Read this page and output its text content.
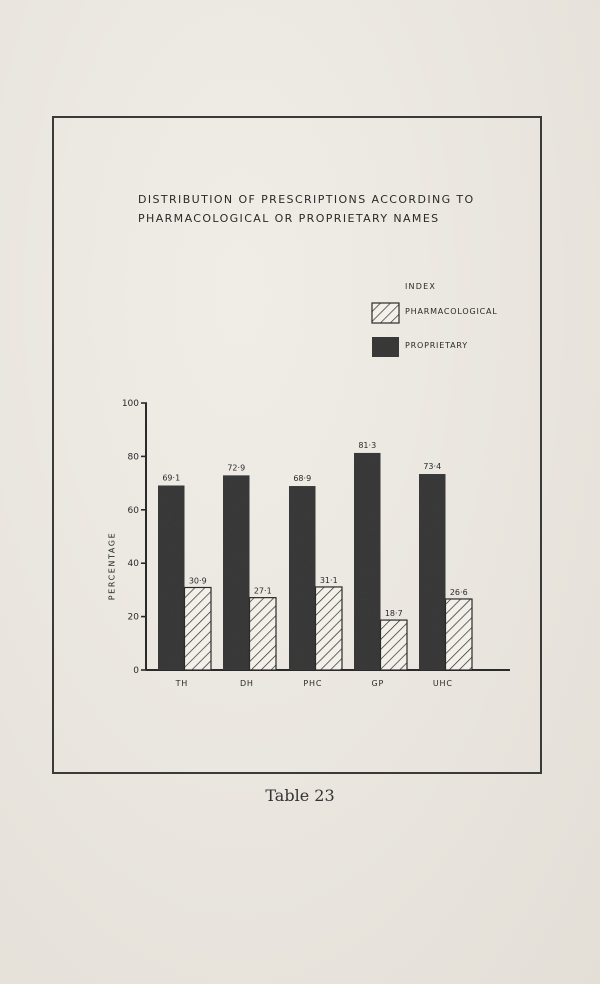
DISTRIBUTION OF PRESCRIPTIONS ACCORDING TO
PHARMACOLOGICAL OR PROPRIETARY NAMES
INDEX
PHARMACOLOGICAL
PROPRIETARY
PERCENTAGE
0
20
40
60
80
100
69·1
30·9
TH
72·9
27·1
DH
68·9
31·1
PHC
81·3
18·7
GP
73·4
26·6
UHC
Table 23
